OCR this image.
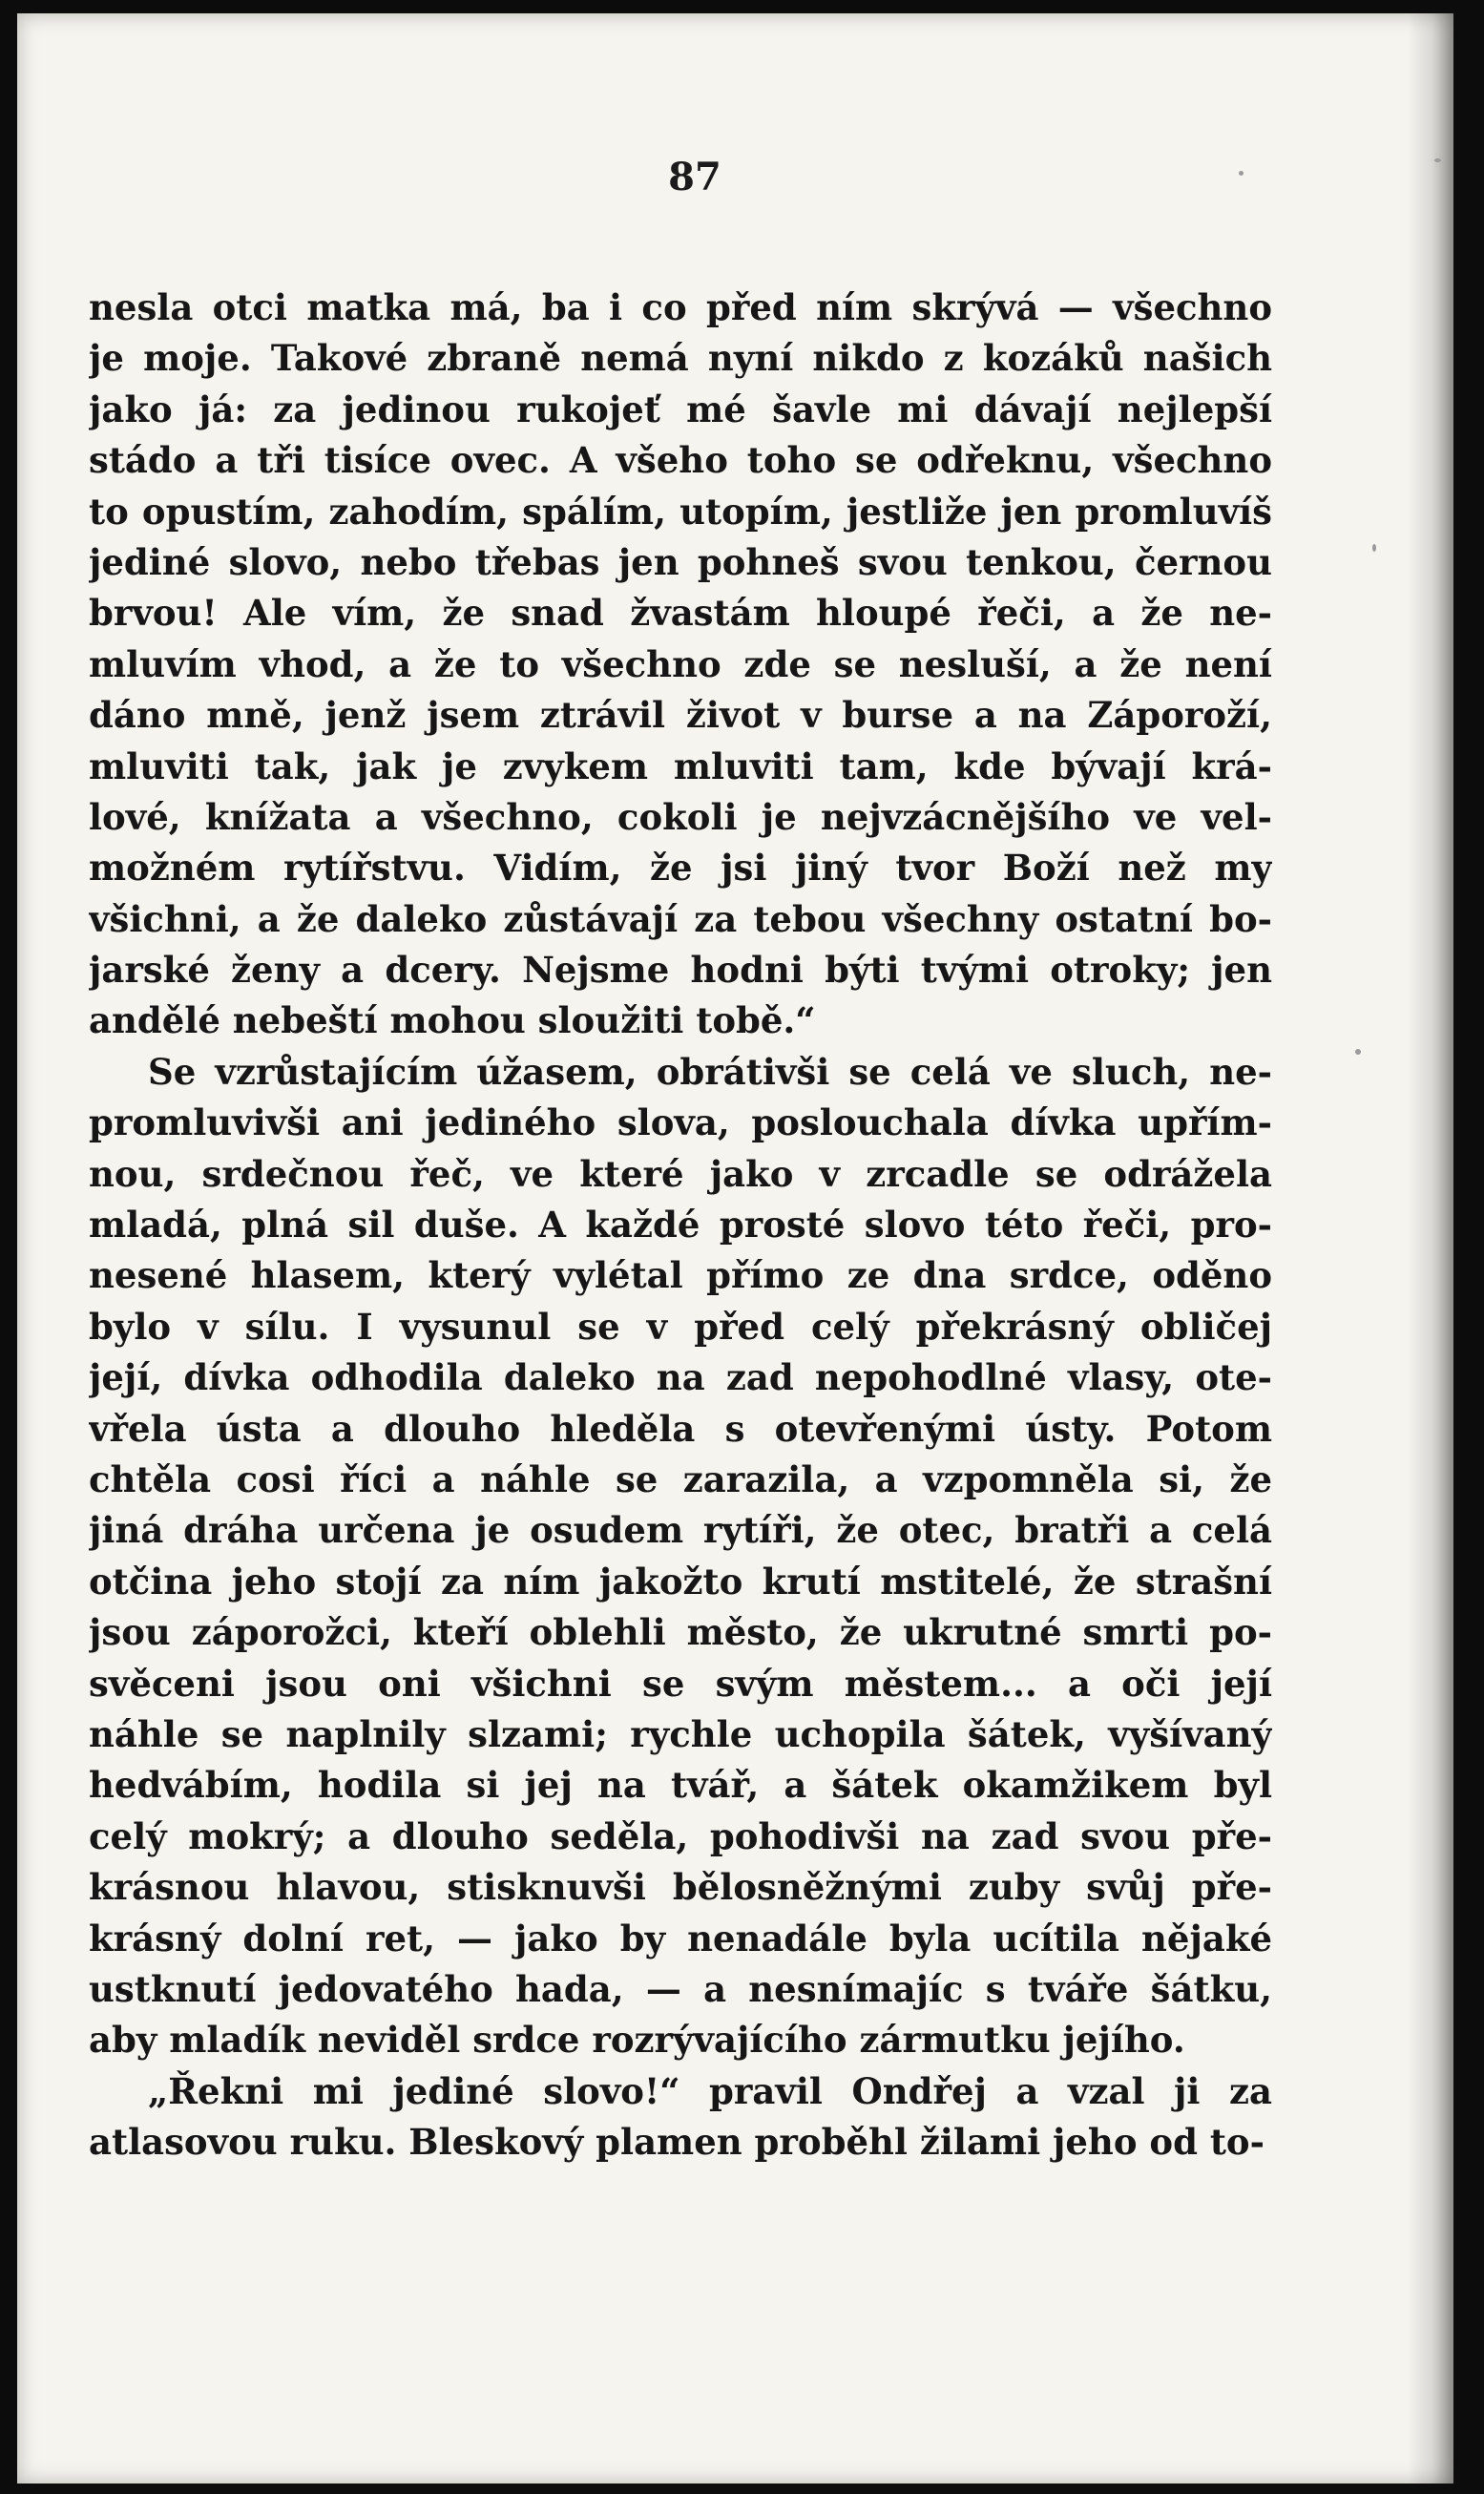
87
nesla otci matka má, ba i co před ním skrývá — všechno
je moje. Takové zbraně nemá nyní nikdo z kozáků našich
jako já: za jedinou rukojeť mé šavle mi dávají nejlepší
stádo a tři tisíce ovec. A všeho toho se odřeknu, všechno
to opustím, zahodím, spálím, utopím, jestliže jen promluvíš
jediné slovo, nebo třebas jen pohneš svou tenkou, černou
brvou! Ale vím, že snad žvastám hloupé řeči, a že ne-
mluvím vhod, a že to všechno zde se nesluší, a že není
dáno mně, jenž jsem ztrávil život v burse a na Záporoží,
mluviti tak, jak je zvykem mluviti tam, kde bývají krá-
lové, knížata a všechno, cokoli je nejvzácnějšího ve vel-
možném rytířstvu. Vidím, že jsi jiný tvor Boží než my
všichni, a že daleko zůstávají za tebou všechny ostatní bo-
jarské ženy a dcery. Nejsme hodni býti tvými otroky; jen
andělé nebeští mohou sloužiti tobě.“
Se vzrůstajícím úžasem, obrátivši se celá ve sluch, ne-
promluvivši ani jediného slova, poslouchala dívka upřím-
nou, srdečnou řeč, ve které jako v zrcadle se odrážela
mladá, plná sil duše. A každé prosté slovo této řeči, pro-
nesené hlasem, který vylétal přímo ze dna srdce, oděno
bylo v sílu. I vysunul se v před celý překrásný obličej
její, dívka odhodila daleko na zad nepohodlné vlasy, ote-
vřela ústa a dlouho hleděla s otevřenými ústy. Potom
chtěla cosi říci a náhle se zarazila, a vzpomněla si, že
jiná dráha určena je osudem rytíři, že otec, bratři a celá
otčina jeho stojí za ním jakožto krutí mstitelé, že strašní
jsou záporožci, kteří oblehli město, že ukrutné smrti po-
svěceni jsou oni všichni se svým městem... a oči její
náhle se naplnily slzami; rychle uchopila šátek, vyšívaný
hedvábím, hodila si jej na tvář, a šátek okamžikem byl
celý mokrý; a dlouho seděla, pohodivši na zad svou pře-
krásnou hlavou, stisknuvši bělosněžnými zuby svůj pře-
krásný dolní ret, — jako by nenadále byla ucítila nějaké
ustknutí jedovatého hada, — a nesnímajíc s tváře šátku,
aby mladík neviděl srdce rozrývajícího zármutku jejího.
„Řekni mi jediné slovo!“ pravil Ondřej a vzal ji za
atlasovou ruku. Bleskový plamen proběhl žilami jeho od to-
